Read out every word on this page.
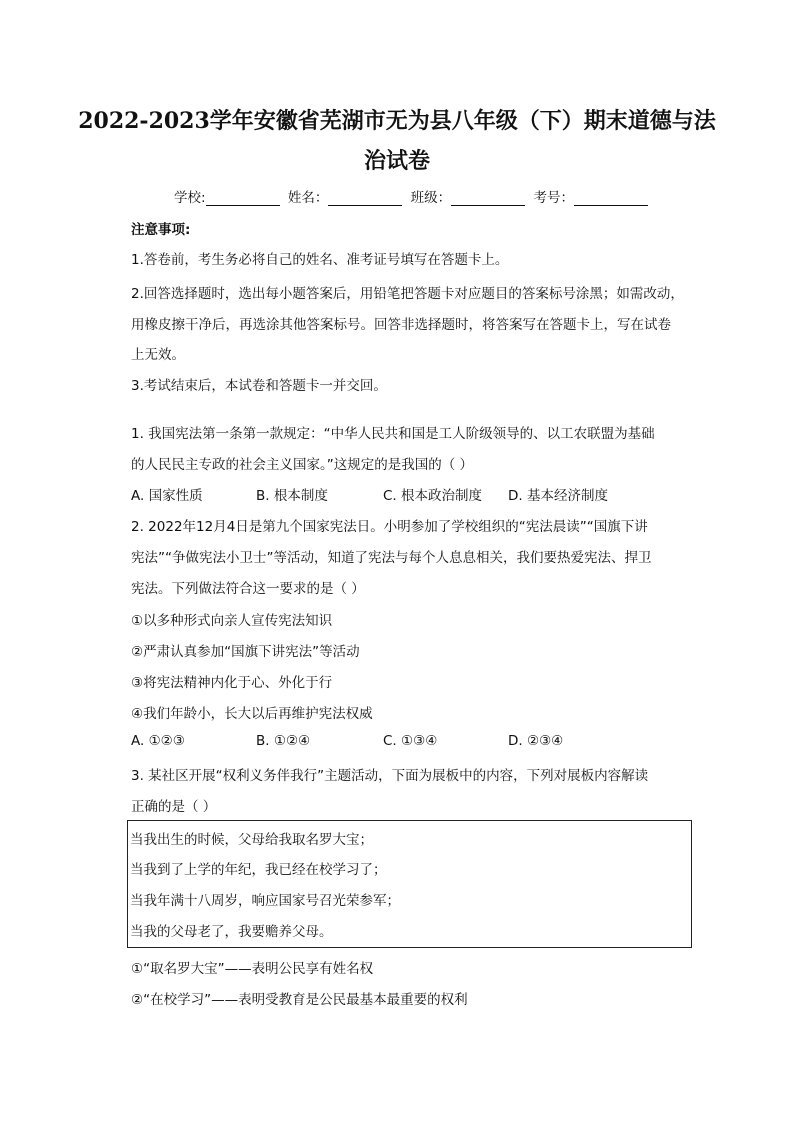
2022-2023学年安徽省芜湖市无为县八年级（下）期末道德与法
治试卷
学校:	姓名：	班级：	考号：
注意事项:
1.答卷前，考生务必将自己的姓名、准考证号填写在答题卡上。
2.回答选择题时，选出每小题答案后，用铅笔把答题卡对应题目的答案标号涂黑；如需改动，
用橡皮擦干净后，再选涂其他答案标号。回答非选择题时，将答案写在答题卡上，写在试卷
上无效。
3.考试结束后，本试卷和答题卡一并交回。
1. 我国宪法第一条第一款规定：“中华人民共和国是工人阶级领导的、以工农联盟为基础
的人民民主专政的社会主义国家。”这规定的是我国的（ ）
A. 国家性质	B. 根本制度	C. 根本政治制度 D. 基本经济制度
2. 2022年12月4日是第九个国家宪法日。小明参加了学校组织的“宪法晨读”“国旗下讲
宪法”“争做宪法小卫士”等活动，知道了宪法与每个人息息相关，我们要热爱宪法、捍卫
宪法。下列做法符合这一要求的是（ ）
①以多种形式向亲人宣传宪法知识
②严肃认真参加“国旗下讲宪法”等活动
③将宪法精神内化于心、外化于行
④我们年龄小，长大以后再维护宪法权威
A. ①②③	B. ①②④	C. ①③④	D. ②③④
3. 某社区开展“权利义务伴我行”主题活动，下面为展板中的内容，下列对展板内容解读
正确的是（ ）
当我出生的时候，父母给我取名罗大宝；
当我到了上学的年纪，我已经在校学习了；
当我年满十八周岁，响应国家号召光荣参军；
当我的父母老了，我要赡养父母。
①“取名罗大宝”——表明公民享有姓名权
②“在校学习”——表明受教育是公民最基本最重要的权利
